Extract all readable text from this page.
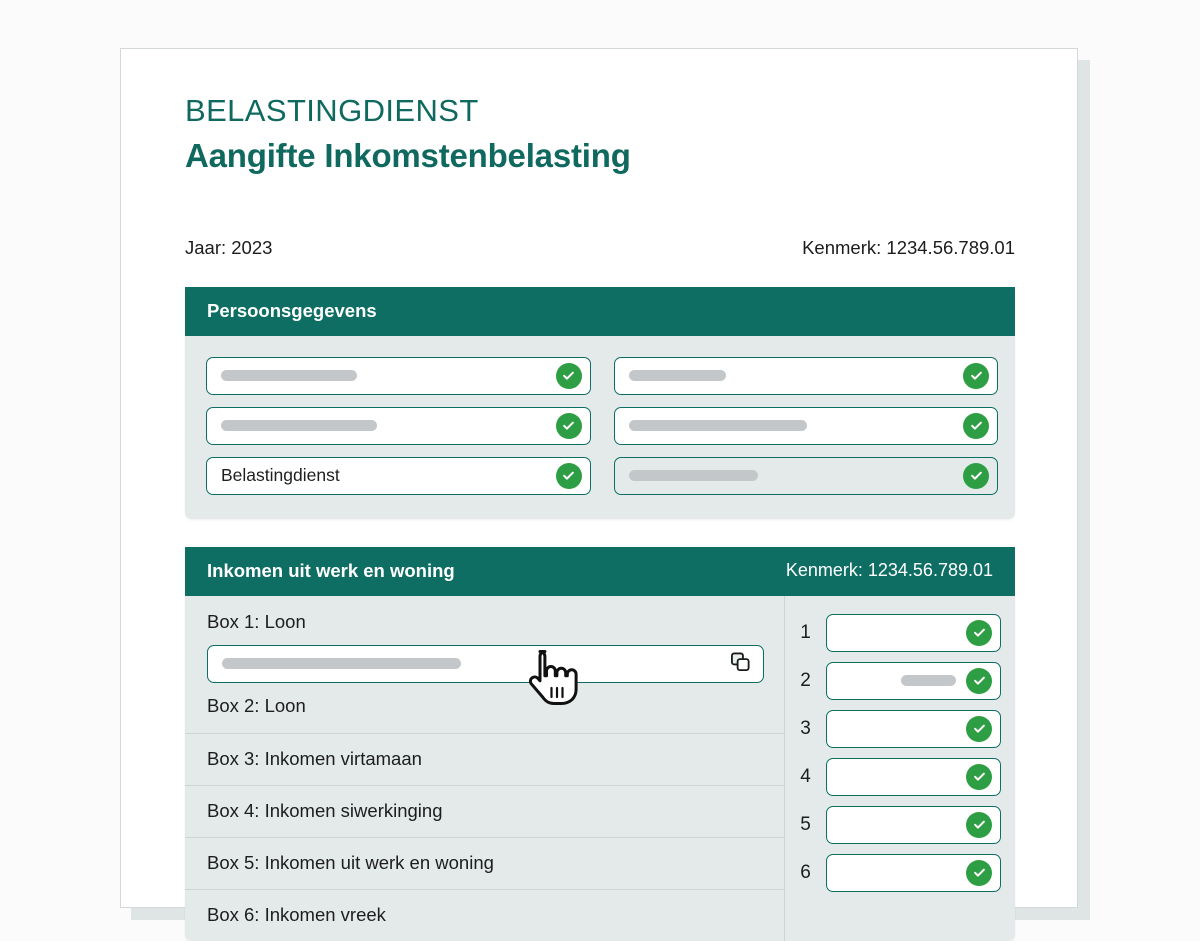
BELASTINGDIENST
Aangifte Inkomstenbelasting
Jaar: 2023	Kenmerk: 1234.56.789.01
Persoonsgegevens
Belastingdienst
Inkomen uit werk en woning	Kenmerk: 1234.56.789.01
Box 1: Loon
Box 2: Loon
Box 3: Inkomen virtamaan
Box 4: Inkomen siwerkinging
Box 5: Inkomen uit werk en woning
Box 6: Inkomen vreek
1
2
3
4
5
6
